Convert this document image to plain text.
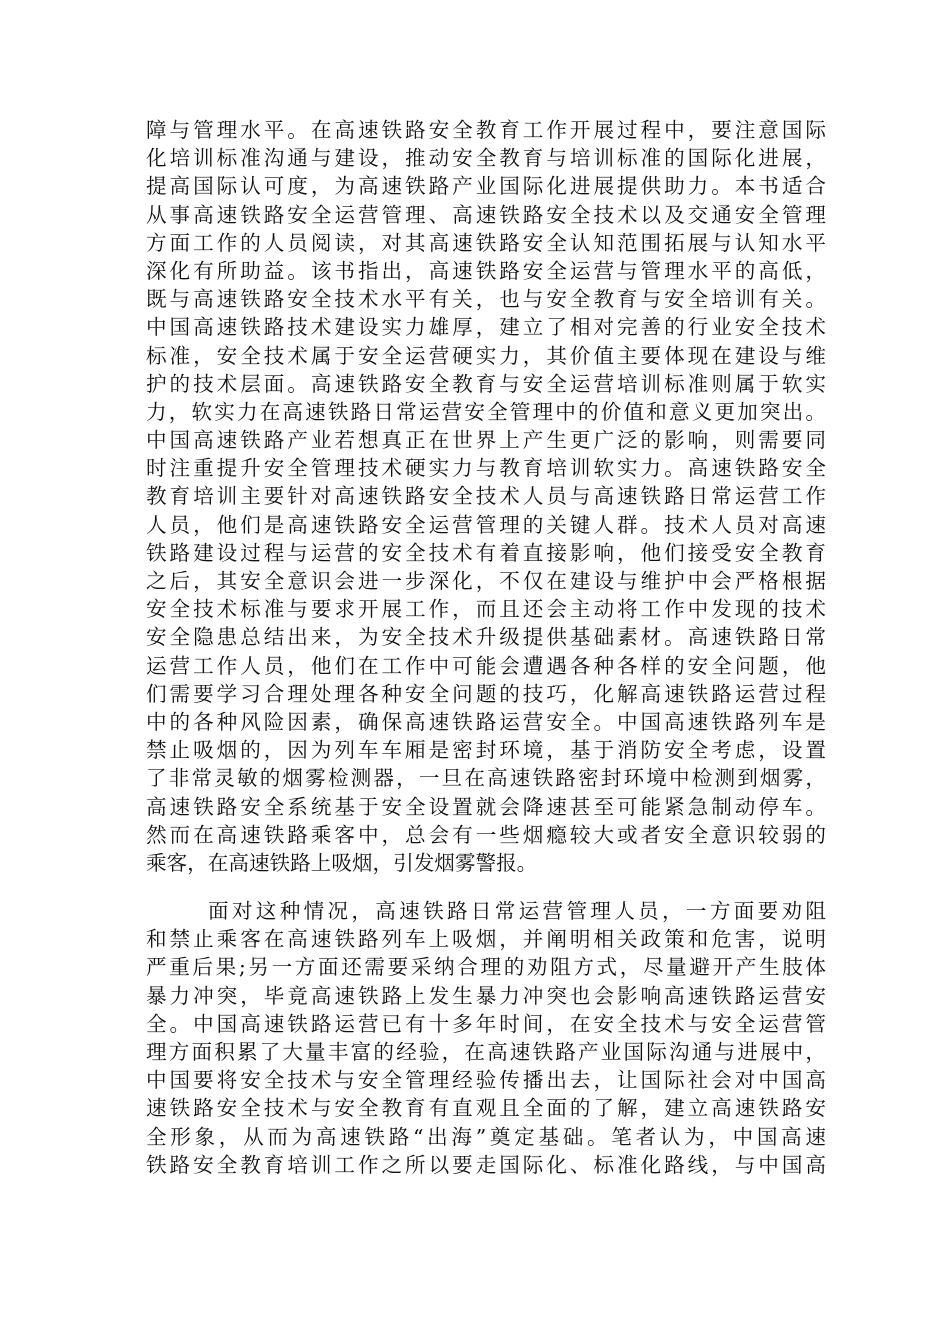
障与管理水平。在高速铁路安全教育工作开展过程中，要注意国际
化培训标准沟通与建设，推动安全教育与培训标准的国际化进展，
提高国际认可度，为高速铁路产业国际化进展提供助力。本书适合
从事高速铁路安全运营管理、高速铁路安全技术以及交通安全管理
方面工作的人员阅读，对其高速铁路安全认知范围拓展与认知水平
深化有所助益。该书指出，高速铁路安全运营与管理水平的高低，
既与高速铁路安全技术水平有关，也与安全教育与安全培训有关。
中国高速铁路技术建设实力雄厚，建立了相对完善的行业安全技术
标准，安全技术属于安全运营硬实力，其价值主要体现在建设与维
护的技术层面。高速铁路安全教育与安全运营培训标准则属于软实
力，软实力在高速铁路日常运营安全管理中的价值和意义更加突出。
中国高速铁路产业若想真正在世界上产生更广泛的影响，则需要同
时注重提升安全管理技术硬实力与教育培训软实力。高速铁路安全
教育培训主要针对高速铁路安全技术人员与高速铁路日常运营工作
人员，他们是高速铁路安全运营管理的关键人群。技术人员对高速
铁路建设过程与运营的安全技术有着直接影响，他们接受安全教育
之后，其安全意识会进一步深化，不仅在建设与维护中会严格根据
安全技术标准与要求开展工作，而且还会主动将工作中发现的技术
安全隐患总结出来，为安全技术升级提供基础素材。高速铁路日常
运营工作人员，他们在工作中可能会遭遇各种各样的安全问题，他
们需要学习合理处理各种安全问题的技巧，化解高速铁路运营过程
中的各种风险因素，确保高速铁路运营安全。中国高速铁路列车是
禁止吸烟的，因为列车车厢是密封环境，基于消防安全考虑，设置
了非常灵敏的烟雾检测器，一旦在高速铁路密封环境中检测到烟雾，
高速铁路安全系统基于安全设置就会降速甚至可能紧急制动停车。
然而在高速铁路乘客中，总会有一些烟瘾较大或者安全意识较弱的
乘客，在高速铁路上吸烟，引发烟雾警报。
面对这种情况，高速铁路日常运营管理人员，一方面要劝阻
和禁止乘客在高速铁路列车上吸烟，并阐明相关政策和危害，说明
严重后果;另一方面还需要采纳合理的劝阻方式，尽量避开产生肢体
暴力冲突，毕竟高速铁路上发生暴力冲突也会影响高速铁路运营安
全。中国高速铁路运营已有十多年时间，在安全技术与安全运营管
理方面积累了大量丰富的经验，在高速铁路产业国际沟通与进展中，
中国要将安全技术与安全管理经验传播出去，让国际社会对中国高
速铁路安全技术与安全教育有直观且全面的了解，建立高速铁路安
全形象，从而为高速铁路“出海”奠定基础。笔者认为，中国高速
铁路安全教育培训工作之所以要走国际化、标准化路线，与中国高
